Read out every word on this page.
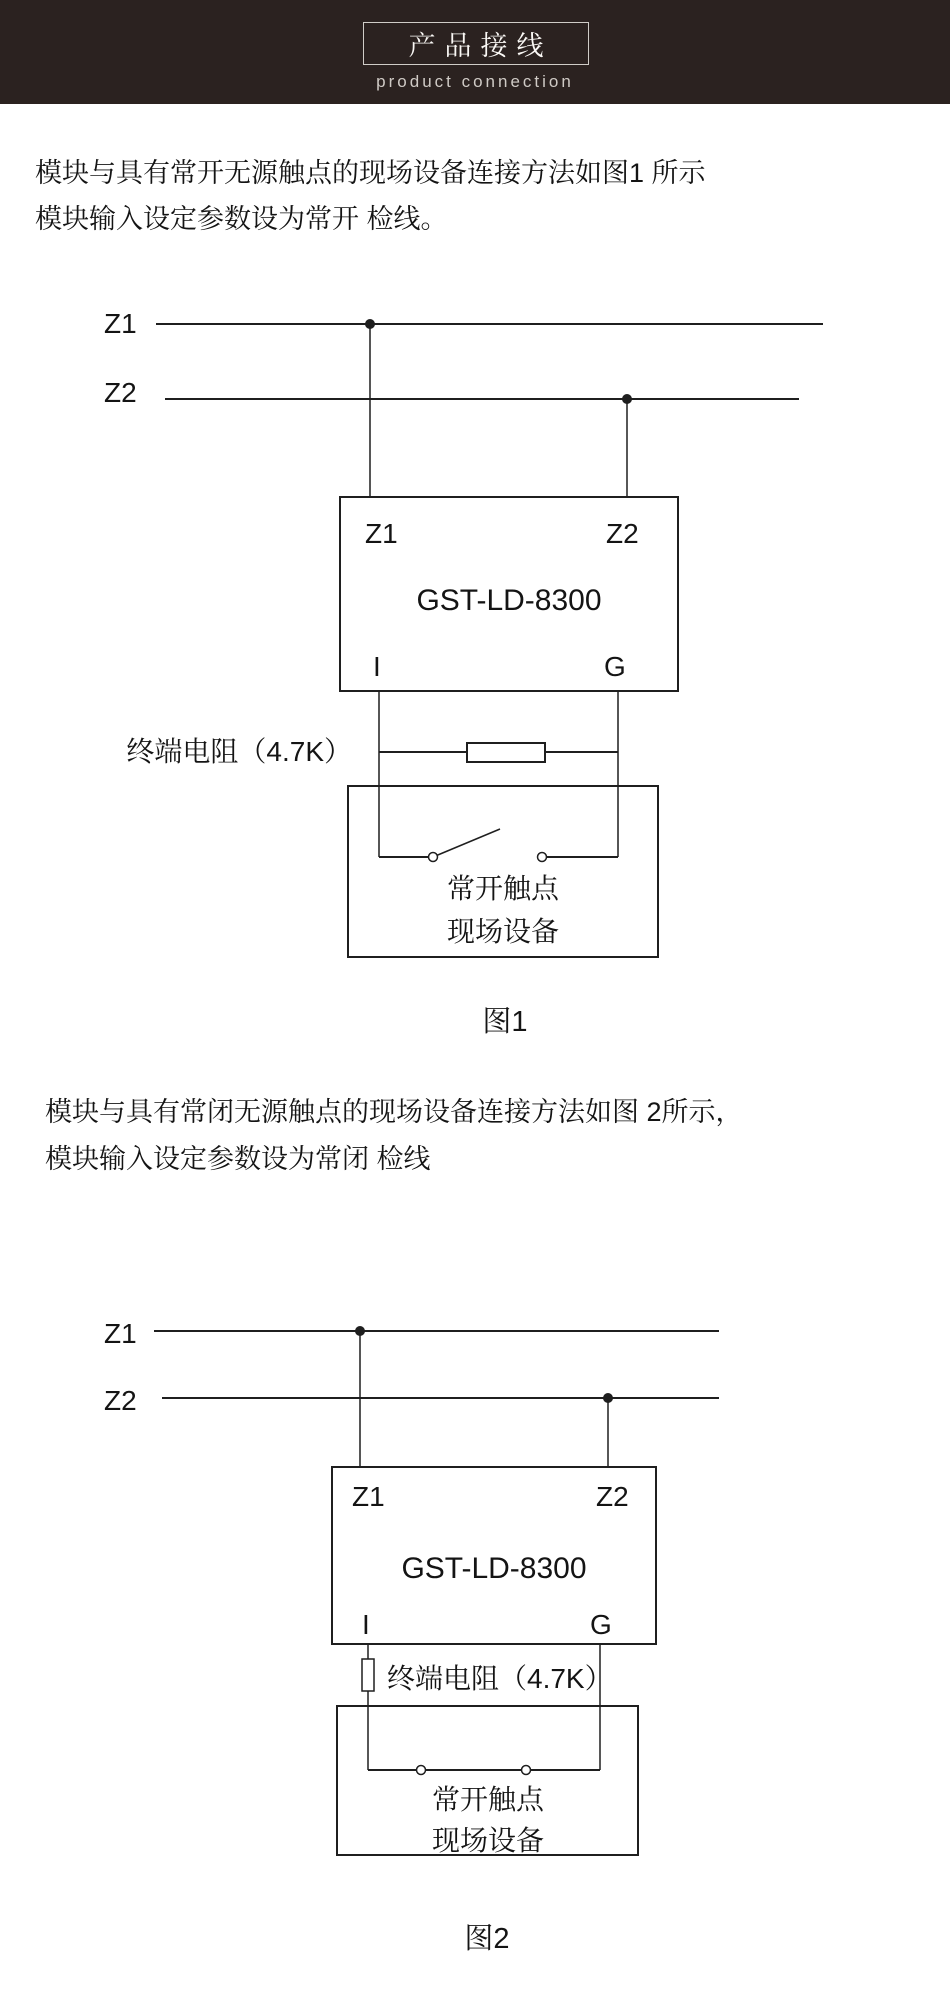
产品接线
product connection
模块与具有常开无源触点的现场设备连接方法如图1 所示
模块输入设定参数设为常开 检线。
Z1
Z2
Z1	Z2
GST-LD-8300
I	G
终端电阻（4.7K）
常开触点
现场设备
图1
模块与具有常闭无源触点的现场设备连接方法如图 2所示，
模块输入设定参数设为常闭 检线
Z1
Z2
Z1	Z2
GST-LD-8300
I	G
终端电阻（4.7K）
常开触点
现场设备
图2
